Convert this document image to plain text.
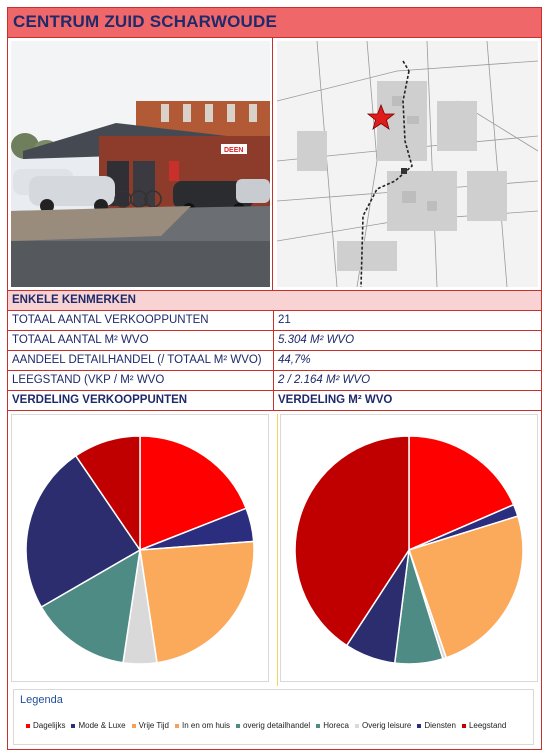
CENTRUM ZUID SCHARWOUDE
DEEN
ENKELE KENMERKEN
TOTAAL AANTAL VERKOOPPUNTEN	21
TOTAAL AANTAL M² WVO	5.304 M² WVO
AANDEEL DETAILHANDEL (/ TOTAAL M² WVO) 44,7%
LEEGSTAND (VKP / M² WVO	2 / 2.164 M² WVO
VERDELING VERKOOPPUNTEN	VERDELING M² WVO
Legenda
Dagelijks Mode & Luxe Vrije Tijd In en om huis overig detailhandel Horeca Overig leisure Diensten Leegstand
